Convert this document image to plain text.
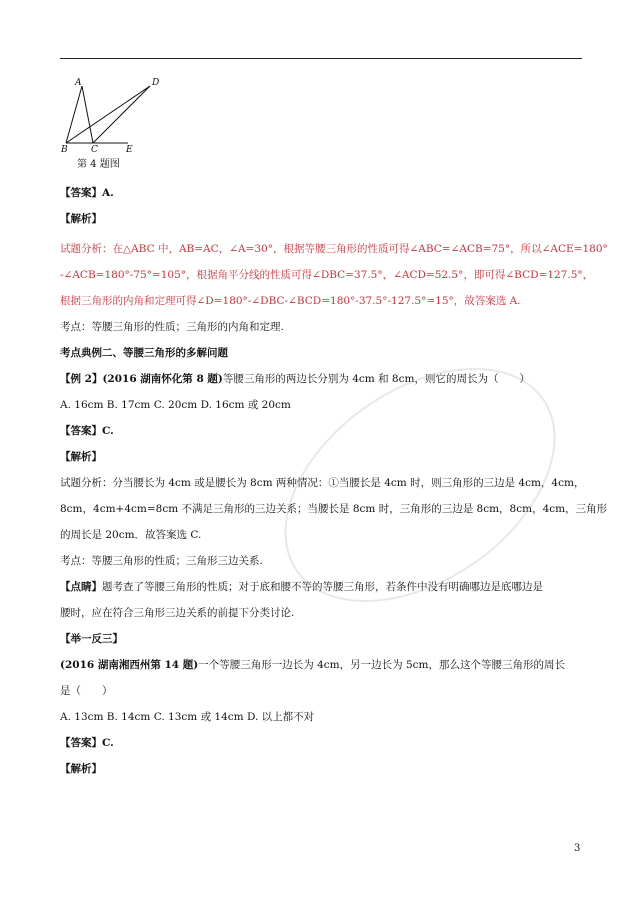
A	D
B	C	E
第 4 题图
【答案】A.
【解析】
试题分析：在△ABC 中，AB=AC，∠A=30°，根据等腰三角形的性质可得∠ABC=∠ACB=75°，所以∠ACE=180°
-∠ACB=180°-75°=105°，根据角平分线的性质可得∠DBC=37.5°，∠ACD=52.5°，即可得∠BCD=127.5°，
根据三角形的内角和定理可得∠D=180°-∠DBC-∠BCD=180°-37.5°-127.5°=15°，故答案选 A.
考点：等腰三角形的性质；三角形的内角和定理.
考点典例二、等腰三角形的多解问题
【例 2】(2016 湖南怀化第 8 题)等腰三角形的两边长分别为 4cm 和 8cm，则它的周长为（　　）
A. 16cm B. 17cm C. 20cm D. 16cm 或 20cm
【答案】C.
【解析】
试题分析：分当腰长为 4cm 或是腰长为 8cm 两种情况：①当腰长是 4cm 时，则三角形的三边是 4cm，4cm，
8cm，4cm+4cm=8cm 不满足三角形的三边关系；当腰长是 8cm 时，三角形的三边是 8cm，8cm，4cm，三角形
的周长是 20cm．故答案选 C.
考点：等腰三角形的性质；三角形三边关系.
【点睛】题考查了等腰三角形的性质；对于底和腰不等的等腰三角形，若条件中没有明确哪边是底哪边是
腰时，应在符合三角形三边关系的前提下分类讨论.
【举一反三】
(2016 湖南湘西州第 14 题)一个等腰三角形一边长为 4cm，另一边长为 5cm，那么这个等腰三角形的周长
是（　　）
A. 13cm B. 14cm C. 13cm 或 14cm D. 以上都不对
【答案】C.
【解析】
3
